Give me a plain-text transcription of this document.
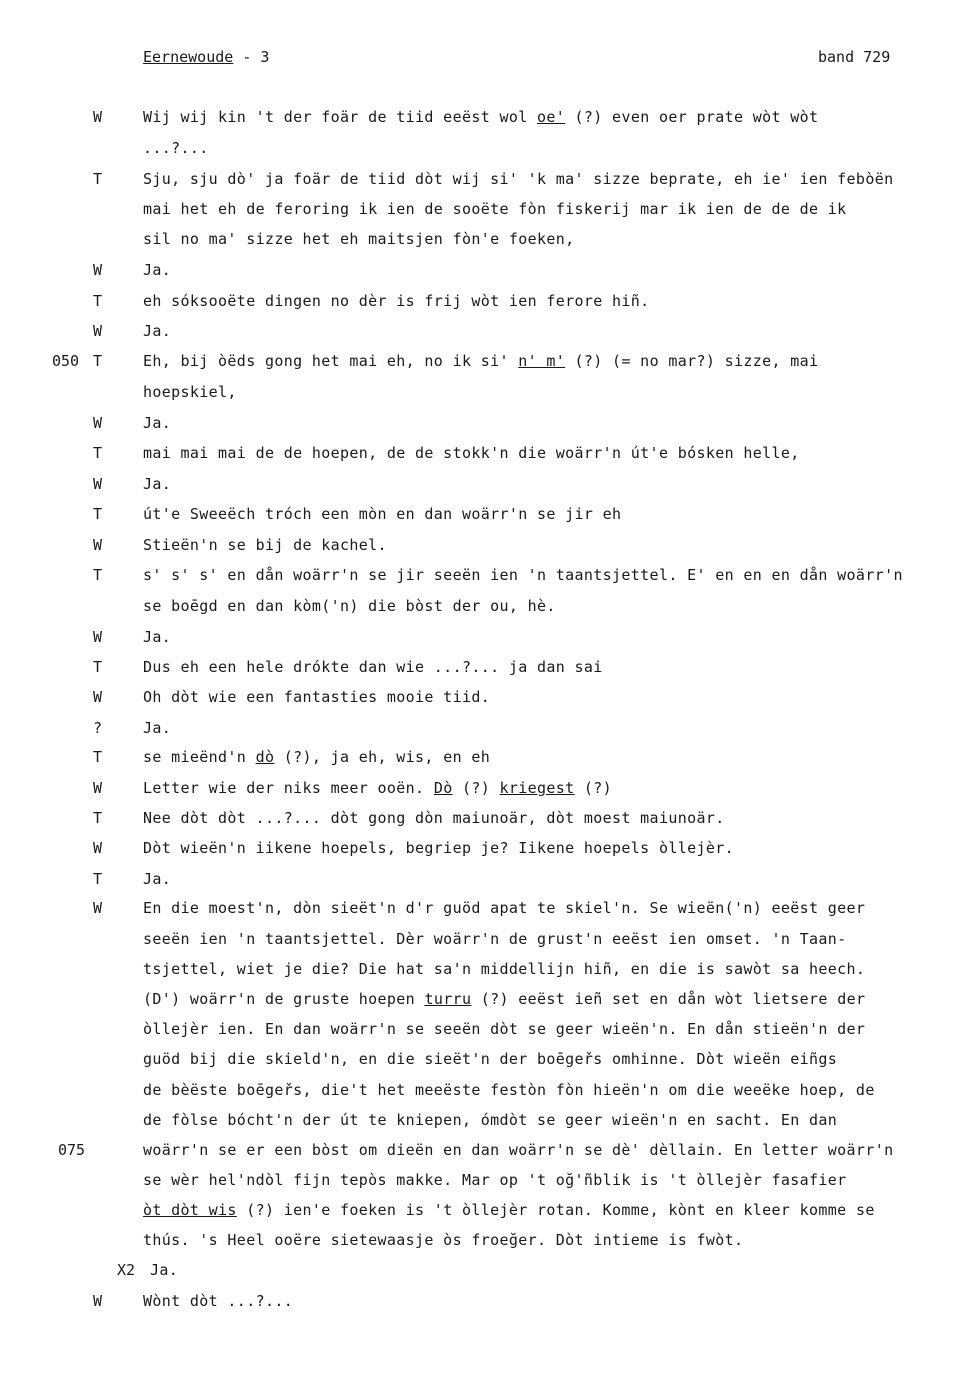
Eernewoude - 3	band 729
W	Wij wij kin 't der foär de tiid eeëst wol oe' (?) even oer prate wòt wòt
...?...
T	Sju, sju dò' ja foär de tiid dòt wij si' 'k ma' sizze beprate, eh ie' ien febòën
mai het eh de feroring ik ien de sooëte fòn fiskerij mar ik ien de de de ik
sil no ma' sizze het eh maitsjen fòn'e foeken,
W	Ja.
T	eh sóksooëte dingen no dèr is frij wòt ien ferore hiñ.
W	Ja.
050 T	Eh, bij òëds gong het mai eh, no ik si' n' m' (?) (= no mar?) sizze, mai
hoepskiel,
W	Ja.
T	mai mai mai de de hoepen, de de stokk'n die woärr'n út'e bósken helle,
W	Ja.
T	út'e Sweeëch tróch een mòn en dan woärr'n se jir eh
W	Stieën'n se bij de kachel.
T	s' s' s' en dån woärr'n se jir seeën ien 'n taantsjettel. E' en en en dån woärr'n
se boēgd en dan kòm('n) die bòst der ou, hè.
W	Ja.
T	Dus eh een hele drókte dan wie ...?... ja dan sai
W	Oh dòt wie een fantasties mooie tiid.
?	Ja.
T	se mieënd'n dò (?), ja eh, wis, en eh
W	Letter wie der niks meer ooën. Dò (?) kriegest (?)
T	Nee dòt dòt ...?... dòt gong dòn maiunoär, dòt moest maiunoär.
W	Dòt wieën'n iikene hoepels, begriep je? Iikene hoepels òllejèr.
T	Ja.
W	En die moest'n, dòn sieët'n d'r guöd apat te skiel'n. Se wieën('n) eeëst geer
seeën ien 'n taantsjettel. Dèr woärr'n de grust'n eeëst ien omset. 'n Taan-
tsjettel, wiet je die? Die hat sa'n middellijn hiñ, en die is sawòt sa heech.
(D') woärr'n de gruste hoepen turru (?) eeëst ieñ set en dån wòt lietsere der
òllejèr ien. En dan woärr'n se seeën dòt se geer wieën'n. En dån stieën'n der
guöd bij die skield'n, en die sieët'n der boēgeřs omhinne. Dòt wieën eiñgs
de bèëste boēgeřs, die't het meeëste festòn fòn hieën'n om die weeëke hoep, de
de fòlse bócht'n der út te kniepen, ómdòt se geer wieën'n en sacht. En dan
075	woärr'n se er een bòst om dieën en dan woärr'n se dè' dèllain. En letter woärr'n
se wèr hel'ndòl fijn tepòs makke. Mar op 't oğ'ñblik is 't òllejèr fasafier
òt dòt wis (?) ien'e foeken is 't òllejèr rotan. Komme, kònt en kleer komme se
thús. 's Heel ooëre sietewaasje òs froeğer. Dòt intieme is fwòt.
X2 Ja.
W	Wònt dòt ...?...
